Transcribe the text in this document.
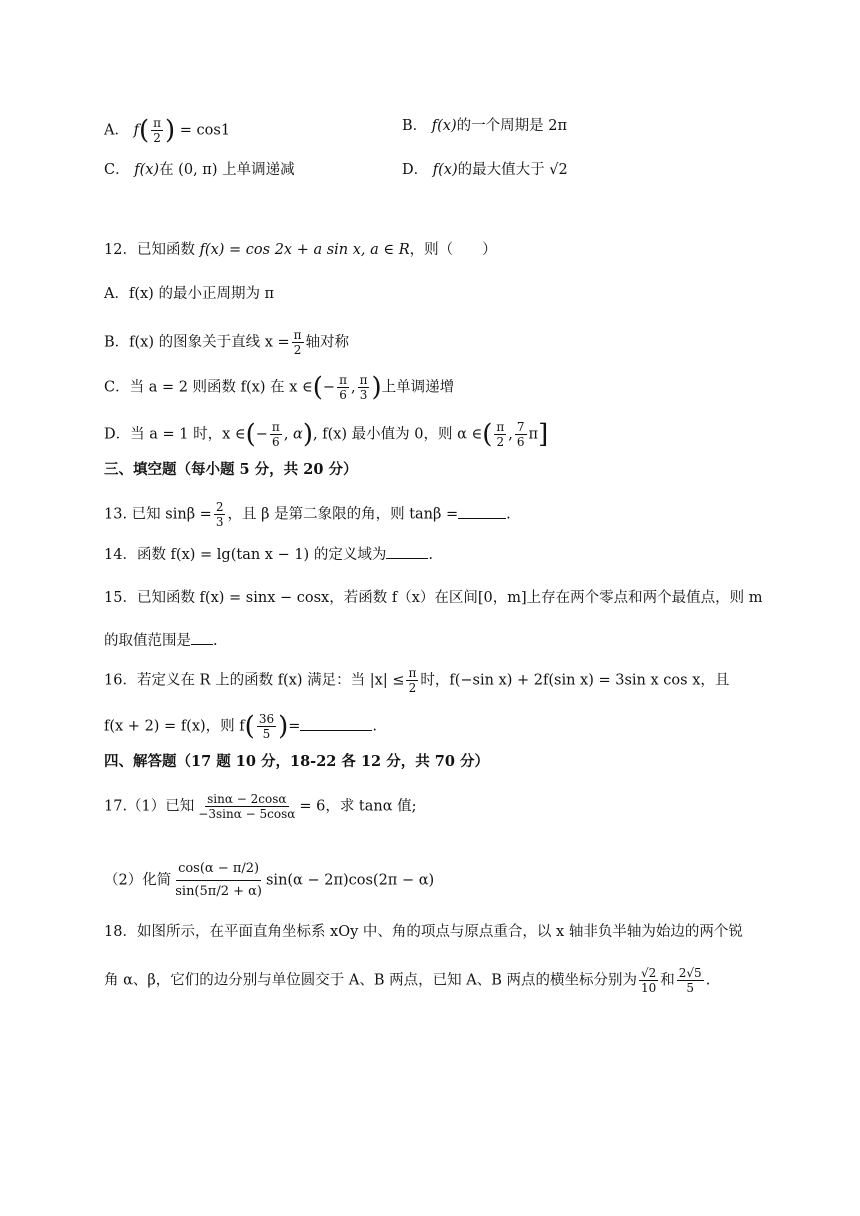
A． $f( \frac{\pi}{2}$ ) = cos1	B． f(x)的一个周期是 2π
C． f(x)在 (0, π) 上单调递减	D． f(x)的最大值大于 √2
12．已知函数 f(x) = cos 2x + a sin x, a ∈ R，则（　　）
A．f(x) 的最小正周期为 π
B．f(x) 的图象关于直线 $x = \frac{\pi}{2}$ 轴对称
C．当 a = 2 则函数 f(x) 在 x ∈(− $\frac{\pi}{6}$ , $\frac{\pi}{3}$ )上单调递增
D．当 a = 1 时，x ∈(− $\frac{\pi}{6}$ , α), f(x) 最小值为 0，则 α ∈( $\frac{\pi}{2}$ , $\frac{7}{6} \pi$]
三、填空题（每小题 5 分，共 20 分）
13. 已知 $\sin\beta = \frac{2}{3}$ ，且 β 是第二象限的角，则 tanβ =	.
14．函数 f(x) = lg(tan x − 1) 的定义域为	.
15．已知函数 f(x) = sinx − cosx，若函数 f（x）在区间[0，m]上存在两个零点和两个最值点，则 m
的取值范围是 .
16．若定义在 R 上的函数 f(x) 满足：当 $|x| \le \frac{\pi}{2}$ 时，f(−sin x) + 2f(sin x) = 3sin x cos x，且
f(x + 2) = f(x)，则 $f( \frac{36}{5}$ )=	.
四、解答题（17 题 10 分，18-22 各 12 分，共 70 分）
17.（1）已知 $\frac{\sin\alpha - 2\cos\alpha}{-3\sin\alpha - 5\cos\alpha} = 6$，求 tanα 值;
（2）化简 $\frac{\cos(\alpha - \pi/2)}{\sin(5\pi/2 + \alpha)} \sin(\alpha - 2\pi)\cos(2\pi - \alpha)$
18．如图所示，在平面直角坐标系 xOy 中、角的项点与原点重合，以 x 轴非负半轴为始边的两个锐
角 α、β，它们的边分别与单位圆交于 A、B 两点，已知 A、B 两点的横坐标分别为 $\frac{√2}{10}$ 和 $\frac{2√5}{5}$ .
